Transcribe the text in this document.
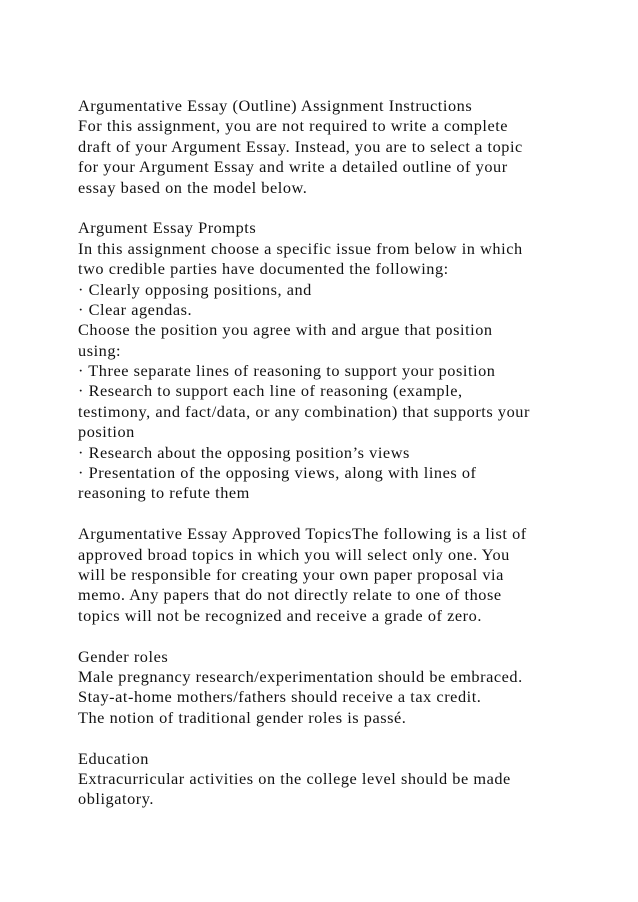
Argumentative Essay (Outline) Assignment Instructions
For this assignment, you are not required to write a complete
draft of your Argument Essay. Instead, you are to select a topic
for your Argument Essay and write a detailed outline of your
essay based on the model below.
Argument Essay Prompts
In this assignment choose a specific issue from below in which
two credible parties have documented the following:
· Clearly opposing positions, and
· Clear agendas.
Choose the position you agree with and argue that position
using:
· Three separate lines of reasoning to support your position
· Research to support each line of reasoning (example,
testimony, and fact/data, or any combination) that supports your
position
· Research about the opposing position’s views
· Presentation of the opposing views, along with lines of
reasoning to refute them
Argumentative Essay Approved TopicsThe following is a list of
approved broad topics in which you will select only one. You
will be responsible for creating your own paper proposal via
memo. Any papers that do not directly relate to one of those
topics will not be recognized and receive a grade of zero.
Gender roles
Male pregnancy research/experimentation should be embraced.
Stay-at-home mothers/fathers should receive a tax credit.
The notion of traditional gender roles is passé.
Education
Extracurricular activities on the college level should be made
obligatory.
